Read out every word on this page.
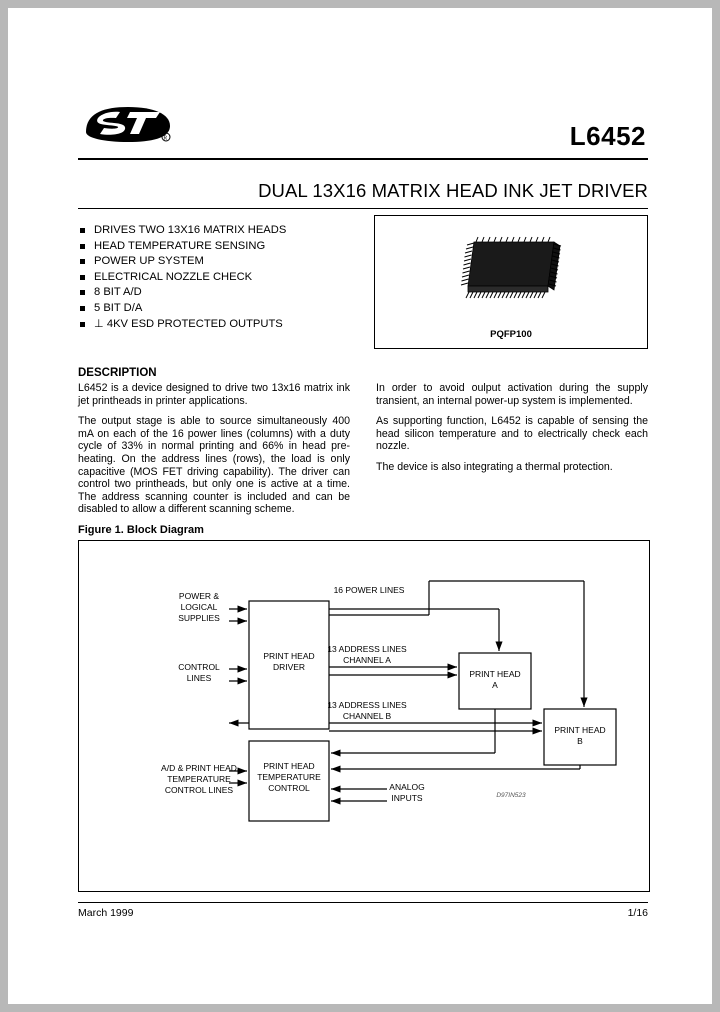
R	L6452
DUAL 13X16 MATRIX HEAD INK JET DRIVER
DRIVES TWO 13X16 MATRIX HEADS
HEAD TEMPERATURE SENSING
POWER UP SYSTEM
ELECTRICAL NOZZLE CHECK
8 BIT A/D
5 BIT D/A
⊥ 4KV ESD PROTECTED OUTPUTS
PQFP100
DESCRIPTION

L6452 is a device designed to drive two 13x16 matrix ink jet printheads in printer applications.

The output stage is able to source simultaneously 400 mA on each of the 16 power lines (columns) with a duty cycle of 33% in normal printing and 66% in head pre-heating. On the address lines (rows), the load is only capacitive (MOS FET driving capability). The driver can control two printheads, but only one is active at a time. The address scanning counter is included and can be disabled to allow a different scanning scheme.

In order to avoid oulput activation during the supply transient, an internal power-up system is implemented.

As supporting function, L6452 is capable of sensing the head silicon temperature and to electrically check each nozzle.

The device is also integrating a thermal protection.

Figure 1. Block Diagram
PRINT HEAD
DRIVER
PRINT HEAD
TEMPERATURE
CONTROL
PRINT HEAD
A
PRINT HEAD
B
POWER &
LOGICAL
SUPPLIES
CONTROL
LINES
A/D & PRINT HEAD
TEMPERATURE
CONTROL LINES
16 POWER LINES
13 ADDRESS LINES
CHANNEL A
13 ADDRESS LINES
CHANNEL B
ANALOG
INPUTS	D97IN523
March 1999	1/16
